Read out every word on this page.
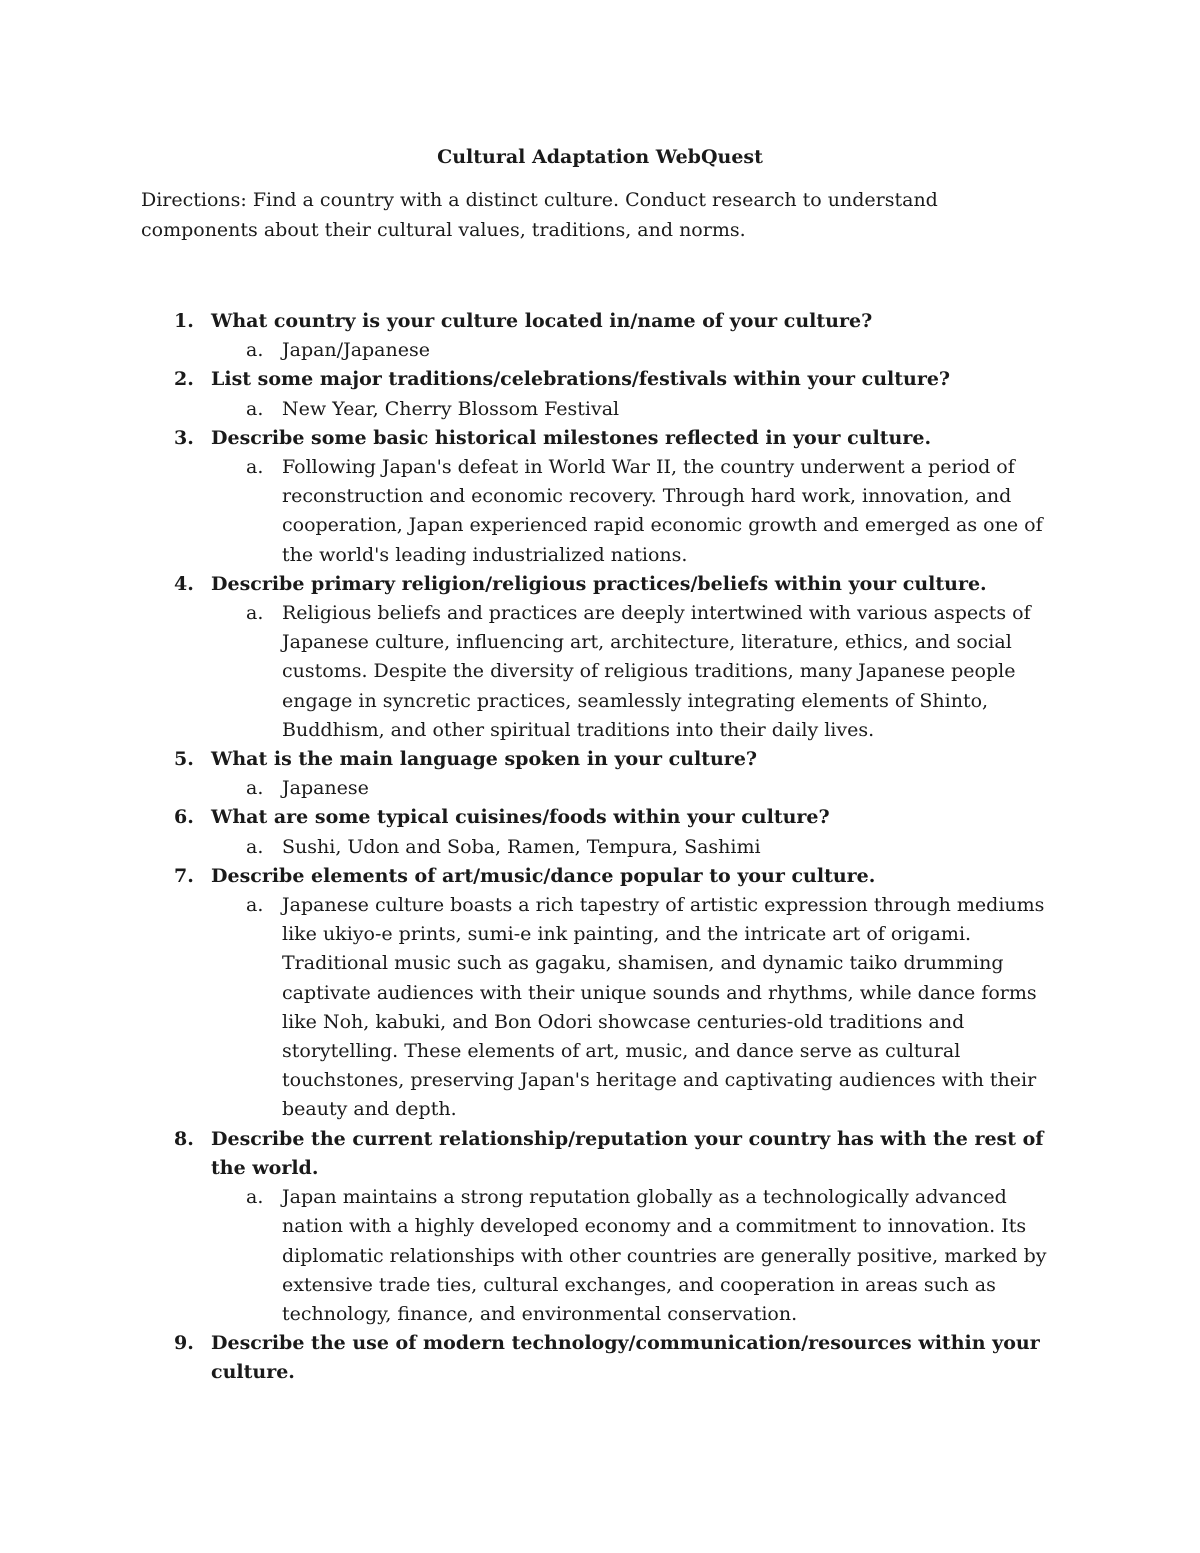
Cultural Adaptation WebQuest
Directions: Find a country with a distinct culture. Conduct research to understand components about their cultural values, traditions, and norms.
1. What country is your culture located in/name of your culture?
a. Japan/Japanese
2. List some major traditions/celebrations/festivals within your culture?
a. New Year, Cherry Blossom Festival
3. Describe some basic historical milestones reflected in your culture.
a. Following Japan's defeat in World War II, the country underwent a period of reconstruction and economic recovery. Through hard work, innovation, and cooperation, Japan experienced rapid economic growth and emerged as one of the world's leading industrialized nations.
4. Describe primary religion/religious practices/beliefs within your culture.
a. Religious beliefs and practices are deeply intertwined with various aspects of Japanese culture, influencing art, architecture, literature, ethics, and social customs. Despite the diversity of religious traditions, many Japanese people engage in syncretic practices, seamlessly integrating elements of Shinto, Buddhism, and other spiritual traditions into their daily lives.
5. What is the main language spoken in your culture?
a. Japanese
6. What are some typical cuisines/foods within your culture?
a. Sushi, Udon and Soba, Ramen, Tempura, Sashimi
7. Describe elements of art/music/dance popular to your culture.
a. Japanese culture boasts a rich tapestry of artistic expression through mediums like ukiyo-e prints, sumi-e ink painting, and the intricate art of origami. Traditional music such as gagaku, shamisen, and dynamic taiko drumming captivate audiences with their unique sounds and rhythms, while dance forms like Noh, kabuki, and Bon Odori showcase centuries-old traditions and storytelling. These elements of art, music, and dance serve as cultural touchstones, preserving Japan's heritage and captivating audiences with their beauty and depth.
8. Describe the current relationship/reputation your country has with the rest of the world.
a. Japan maintains a strong reputation globally as a technologically advanced nation with a highly developed economy and a commitment to innovation. Its diplomatic relationships with other countries are generally positive, marked by extensive trade ties, cultural exchanges, and cooperation in areas such as technology, finance, and environmental conservation.
9. Describe the use of modern technology/communication/resources within your culture.
